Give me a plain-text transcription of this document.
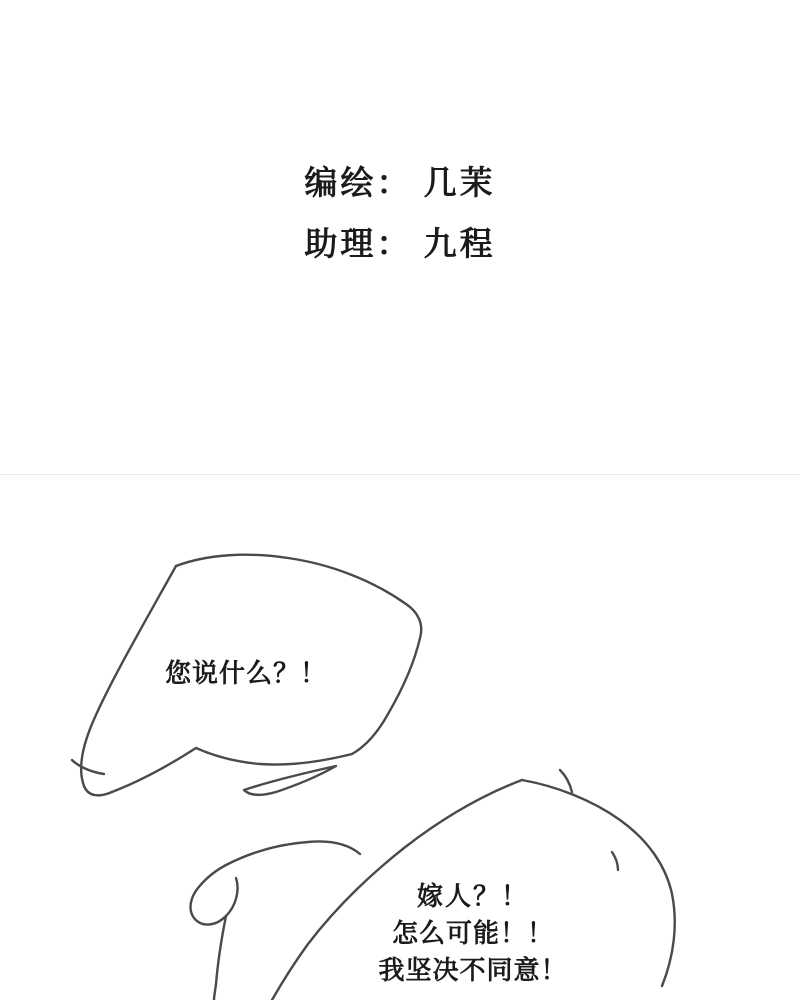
编绘： 几茉
助理： 九程
您说什么？！
嫁人？！
怎么可能！！
我坚决不同意！
